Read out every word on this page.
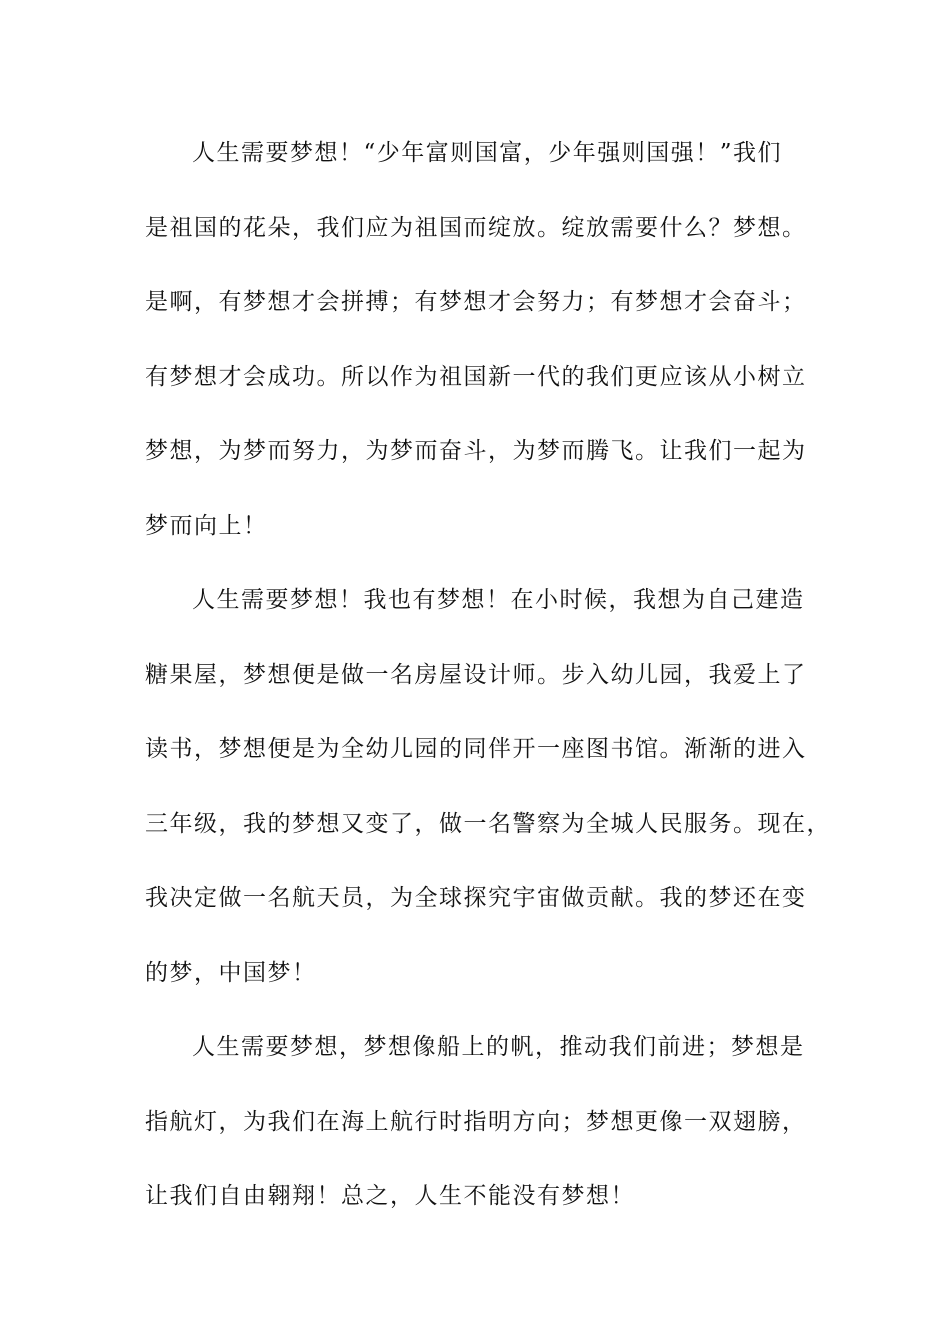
人生需要梦想！“少年富则国富，少年强则国强！”我们
是祖国的花朵，我们应为祖国而绽放。绽放需要什么？梦想。
是啊，有梦想才会拼搏；有梦想才会努力；有梦想才会奋斗；
有梦想才会成功。所以作为祖国新一代的我们更应该从小树立
梦想，为梦而努力，为梦而奋斗，为梦而腾飞。让我们一起为
梦而向上！
人生需要梦想！我也有梦想！在小时候，我想为自己建造
糖果屋，梦想便是做一名房屋设计师。步入幼儿园，我爱上了
读书，梦想便是为全幼儿园的同伴开一座图书馆。渐渐的进入
三年级，我的梦想又变了，做一名警察为全城人民服务。现在，
我决定做一名航天员，为全球探究宇宙做贡献。我的梦还在变
的梦，中国梦！
人生需要梦想，梦想像船上的帆，推动我们前进；梦想是
指航灯，为我们在海上航行时指明方向；梦想更像一双翅膀，
让我们自由翱翔！总之，人生不能没有梦想！
